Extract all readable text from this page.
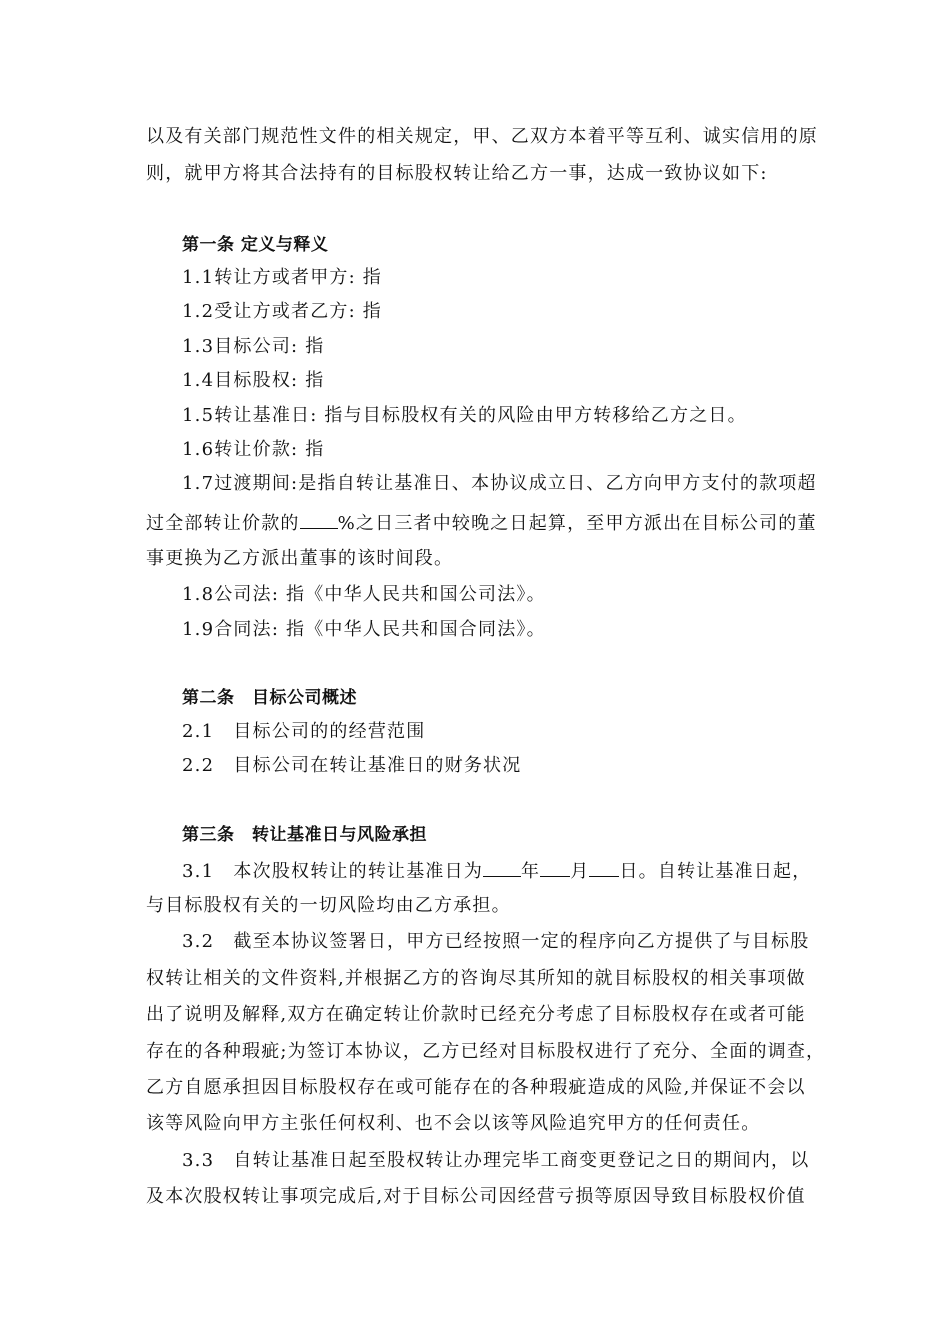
以及有关部门规范性文件的相关规定，甲、乙双方本着平等互利、诚实信用的原
则，就甲方将其合法持有的目标股权转让给乙方一事，达成一致协议如下:
第一条 定义与释义
1.1转让方或者甲方: 指
1.2受让方或者乙方: 指
1.3目标公司: 指
1.4目标股权: 指
1.5转让基准日: 指与目标股权有关的风险由甲方转移给乙方之日。
1.6转让价款: 指
1.7过渡期间:是指自转让基准日、本协议成立日、乙方向甲方支付的款项超
过全部转让价款的 %之日三者中较晚之日起算，至甲方派出在目标公司的董
事更换为乙方派出董事的该时间段。
1.8公司法: 指《中华人民共和国公司法》。
1.9合同法: 指《中华人民共和国合同法》。
第二条　目标公司概述
2.1　目标公司的的经营范围
2.2　目标公司在转让基准日的财务状况
第三条　转让基准日与风险承担
3.1　本次股权转让的转让基准日为 年 月 日。自转让基准日起，
与目标股权有关的一切风险均由乙方承担。
3.2　截至本协议签署日，甲方已经按照一定的程序向乙方提供了与目标股
权转让相关的文件资料,并根据乙方的咨询尽其所知的就目标股权的相关事项做
出了说明及解释,双方在确定转让价款时已经充分考虑了目标股权存在或者可能
存在的各种瑕疵;为签订本协议，乙方已经对目标股权进行了充分、全面的调查，
乙方自愿承担因目标股权存在或可能存在的各种瑕疵造成的风险,并保证不会以
该等风险向甲方主张任何权利、也不会以该等风险追究甲方的任何责任。
3.3　自转让基准日起至股权转让办理完毕工商变更登记之日的期间内，以
及本次股权转让事项完成后,对于目标公司因经营亏损等原因导致目标股权价值
